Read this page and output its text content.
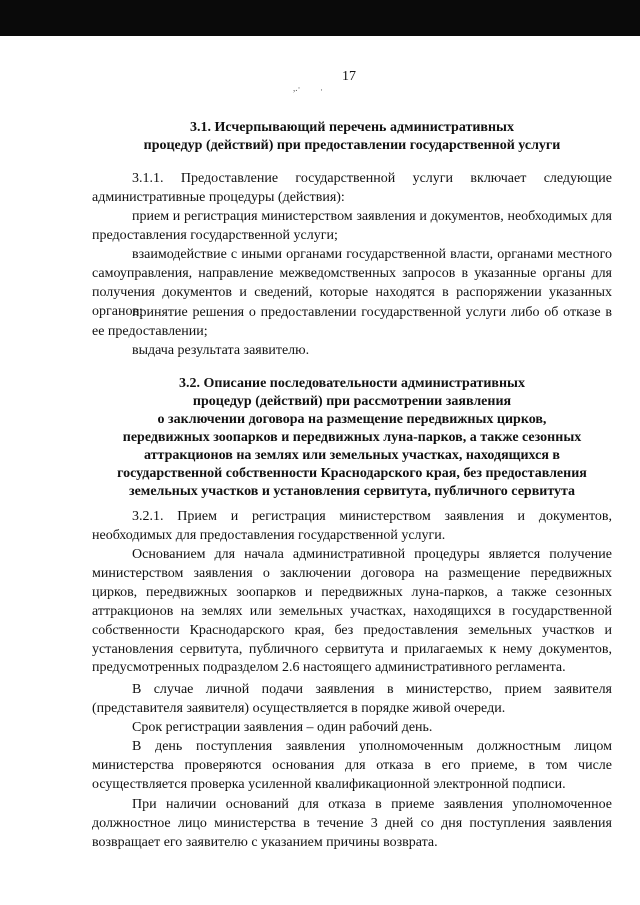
,.· ·
17
3.1. Исчерпывающий перечень административных
процедур (действий) при предоставлении государственной услуги

3.1.1. Предоставление государственной услуги включает следующие административные процедуры (действия):

прием и регистрация министерством заявления и документов, необходимых для предоставления государственной услуги;

взаимодействие с иными органами государственной власти, органами местного самоуправления, направление межведомственных запросов в указанные органы для получения документов и сведений, которые находятся в распоряжении указанных органов;

принятие решения о предоставлении государственной услуги либо об отказе в ее предоставлении;

выдача результата заявителю.

3.2. Описание последовательности административных
процедур (действий) при рассмотрении заявления
о заключении договора на размещение передвижных цирков,
передвижных зоопарков и передвижных луна-парков, а также сезонных
аттракционов на землях или земельных участках, находящихся в
государственной собственности Краснодарского края, без предоставления
земельных участков и установления сервитута, публичного сервитута

3.2.1. Прием и регистрация министерством заявления и документов, необходимых для предоставления государственной услуги.

Основанием для начала административной процедуры является получение министерством заявления о заключении договора на размещение передвижных цирков, передвижных зоопарков и передвижных луна-парков, а также сезонных аттракционов на землях или земельных участках, находящихся в государственной собственности Краснодарского края, без предоставления земельных участков и установления сервитута, публичного сервитута и прилагаемых к нему документов, предусмотренных подразделом 2.6 настоящего административного регламента.

В случае личной подачи заявления в министерство, прием заявителя (представителя заявителя) осуществляется в порядке живой очереди.

Срок регистрации заявления – один рабочий день.

В день поступления заявления уполномоченным должностным лицом министерства проверяются основания для отказа в его приеме, в том числе осуществляется проверка усиленной квалификационной электронной подписи.

При наличии оснований для отказа в приеме заявления уполномоченное должностное лицо министерства в течение 3 дней со дня поступления заявления возвращает его заявителю с указанием причины возврата.
